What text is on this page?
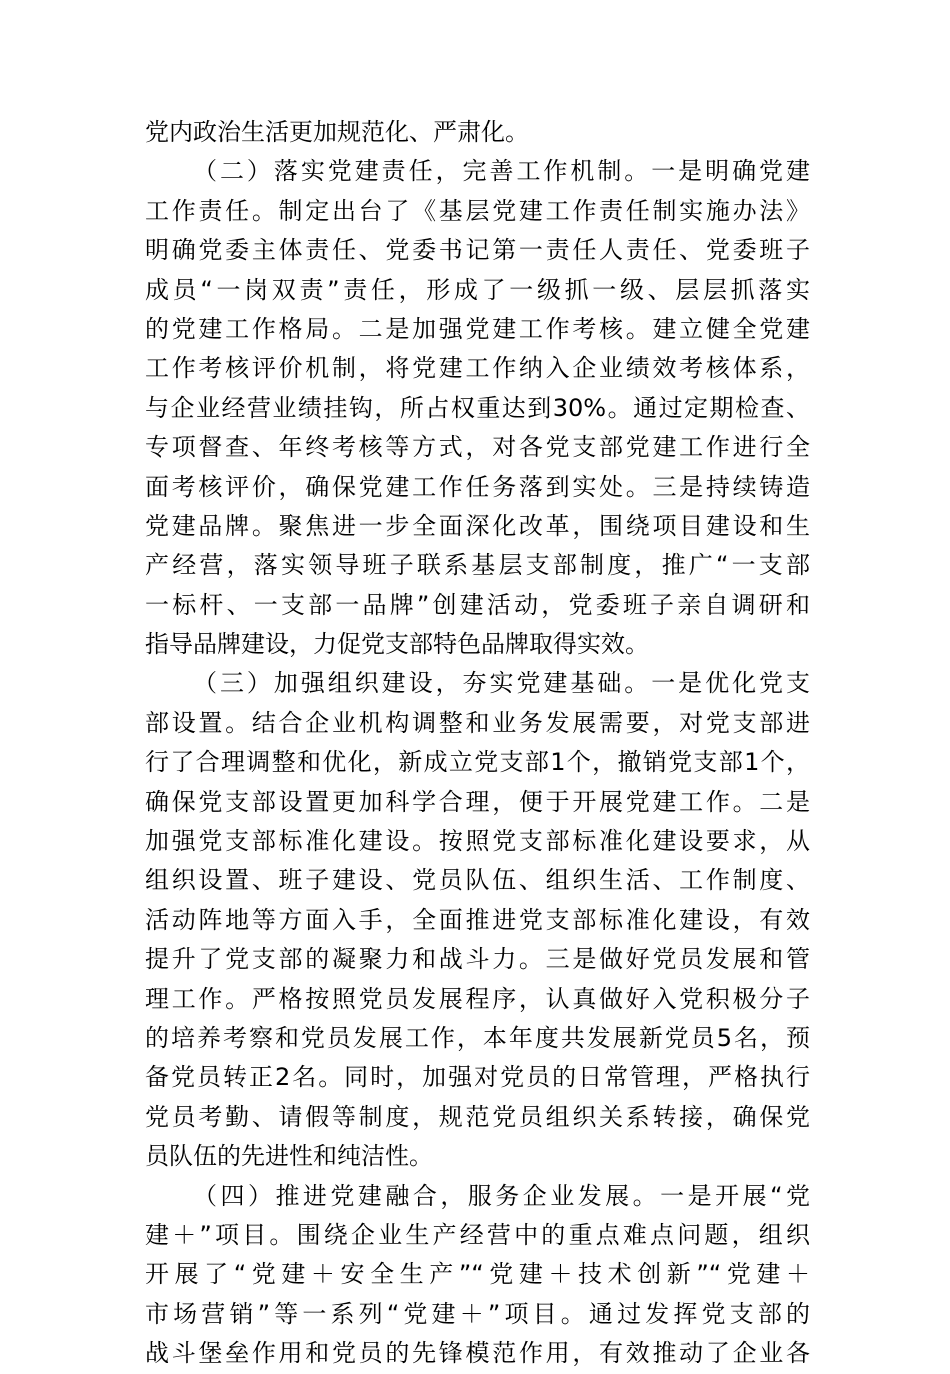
党内政治生活更加规范化、严肃化。
（二）落实党建责任，完善工作机制。一是明确党建
工作责任。制定出台了《基层党建工作责任制实施办法》
明确党委主体责任、党委书记第一责任人责任、党委班子
成员“一岗双责”责任，形成了一级抓一级、层层抓落实
的党建工作格局。二是加强党建工作考核。建立健全党建
工作考核评价机制，将党建工作纳入企业绩效考核体系，
与企业经营业绩挂钩，所占权重达到30%。通过定期检查、
专项督查、年终考核等方式，对各党支部党建工作进行全
面考核评价，确保党建工作任务落到实处。三是持续铸造
党建品牌。聚焦进一步全面深化改革，围绕项目建设和生
产经营，落实领导班子联系基层支部制度，推广“一支部
一标杆、一支部一品牌”创建活动，党委班子亲自调研和
指导品牌建设，力促党支部特色品牌取得实效。
（三）加强组织建设，夯实党建基础。一是优化党支
部设置。结合企业机构调整和业务发展需要，对党支部进
行了合理调整和优化，新成立党支部1个，撤销党支部1个，
确保党支部设置更加科学合理，便于开展党建工作。二是
加强党支部标准化建设。按照党支部标准化建设要求，从
组织设置、班子建设、党员队伍、组织生活、工作制度、
活动阵地等方面入手，全面推进党支部标准化建设，有效
提升了党支部的凝聚力和战斗力。三是做好党员发展和管
理工作。严格按照党员发展程序，认真做好入党积极分子
的培养考察和党员发展工作，本年度共发展新党员5名，预
备党员转正2名。同时，加强对党员的日常管理，严格执行
党员考勤、请假等制度，规范党员组织关系转接，确保党
员队伍的先进性和纯洁性。
（四）推进党建融合，服务企业发展。一是开展“党
建＋”项目。围绕企业生产经营中的重点难点问题，组织
开展了“党建＋安全生产”“党建＋技术创新”“党建＋
市场营销”等一系列“党建＋”项目。通过发挥党支部的
战斗堡垒作用和党员的先锋模范作用，有效推动了企业各
